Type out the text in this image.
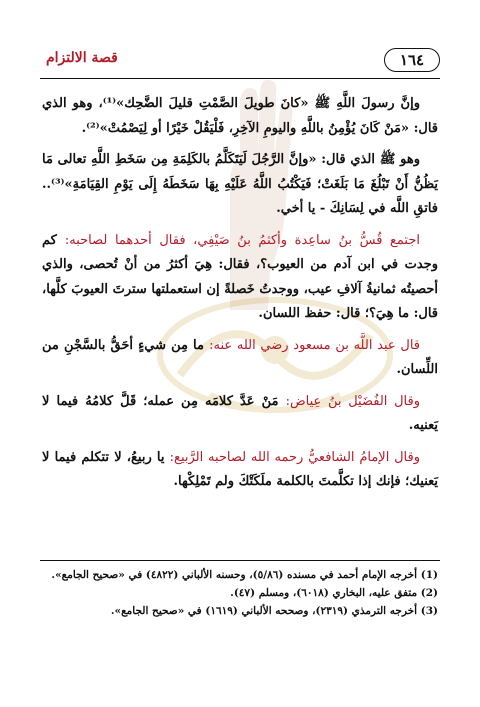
١٦٤
قصة الالتزام

وإنَّ رسولَ اللَّهِ ﷺ «كانَ طويلَ الصَّمْتِ قليلَ الضَّحِك»⁽¹⁾، وهو الذي قال: «مَنْ كَانَ يُؤْمِنُ باللَّهِ واليومِ الآخِرِ، فَلْيَقُلْ خَيْرًا أو لِيَصْمُتْ»⁽²⁾.

وهو ﷺ الذي قال: «وإنَّ الرَّجُلَ لَيَتَكَلَّمُ بالكَلِمَةِ مِن سَخَطِ اللَّهِ تعالى مَا يَظُنُّ أَنْ تَبْلُغَ مَا بَلَغَتْ؛ فَيَكْتُبُ اللَّهُ عَلَيْهِ بِهَا سَخَطَهُ إِلَى يَوْمِ القِيَامَةِ»⁽³⁾.. فاتقِ اللَّه في لِسَانِكَ - يا أخي.

اجتمع قُسُّ بنُ ساعِدة وأكثمُ بنُ صَيْفِي، فقال أحدهما لصاحبه: كم وجدت في ابن آدم من العيوب؟، فقال: هِيَ أكثرُ من أنْ تُحصى، والذي أحصيتُه ثمانيةُ آلافِ عيب، ووجدتُ خَصلةً إن استعملتها سترتَ العيوبَ كلَّها، قال: ما هِيَ؟؛ قال: حفظ اللسان.

قال عبد اللَّه بن مسعود رضي الله عنه: ما مِن شيءٍ أحَقُّ بالسَّجْنِ من اللِّسان.

وقال الفُضَيْل بنُ عِياض: مَنْ عَدَّ كلامَه مِن عمله؛ قَلَّ كلامُهُ فيما لا يَعنيه.

وقال الإمامُ الشافعيُّ رحمه الله لصاحبه الرَّبيع: يا ربيعُ، لا تتكلم فيما لا يَعنيك؛ فإنك إذا تكلَّمتَ بالكلمة ملَكَتْكَ ولم تَمْلِكْها.

(1) أخرجه الإمام أحمد في مسنده (٥/٨٦)، وحسنه الألباني (٤٨٢٢) في «صحيح الجامع».
(2) متفق عليه، البخاري (٦٠١٨)، ومسلم (٤٧).
(3) أخرجه الترمذي (٢٣١٩)، وصححه الألباني (١٦١٩) في «صحيح الجامع».
